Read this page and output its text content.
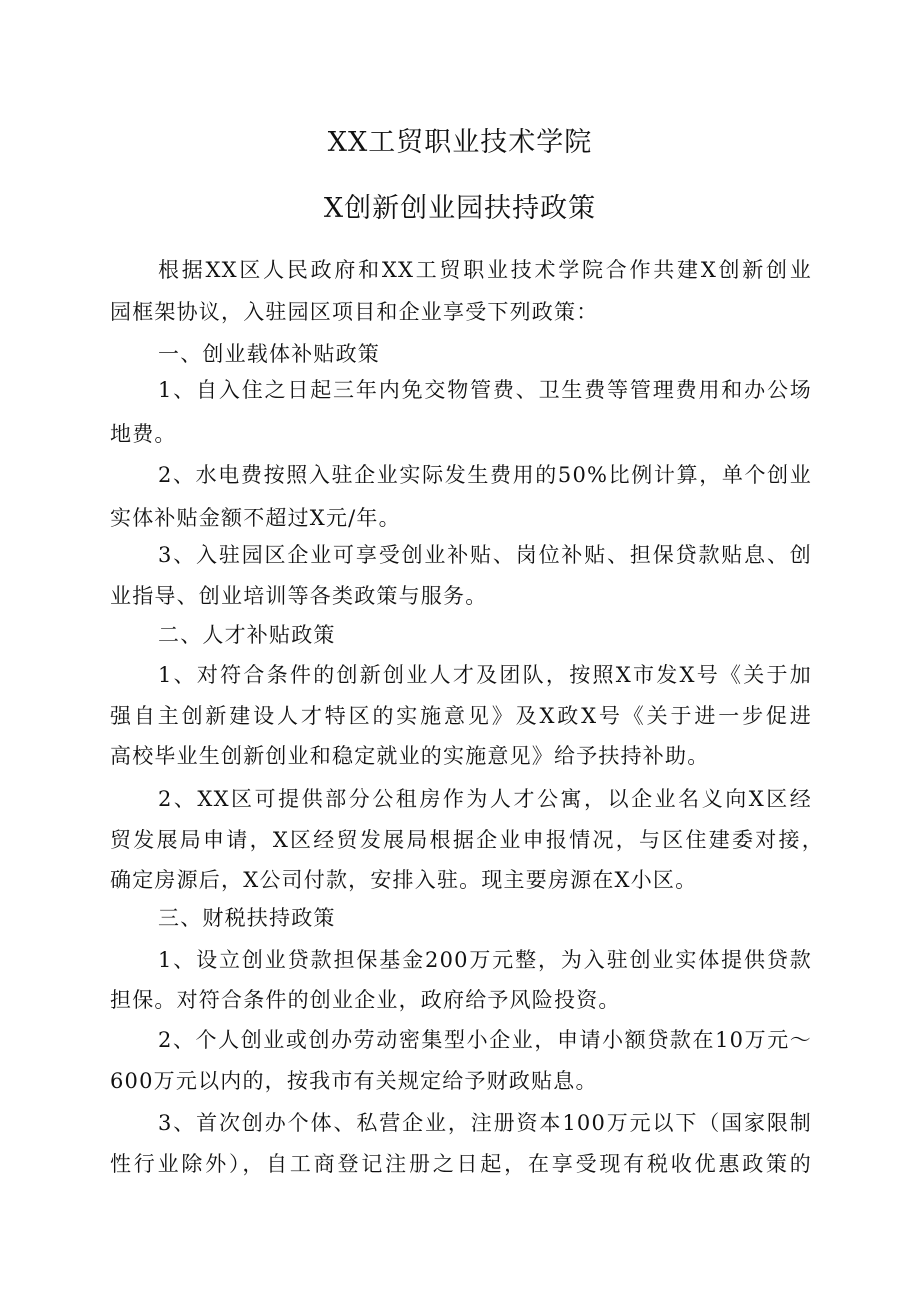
XX工贸职业技术学院
X创新创业园扶持政策
根据XX区人民政府和XX工贸职业技术学院合作共建X创新创业
园框架协议，入驻园区项目和企业享受下列政策：
一、创业载体补贴政策
1、自入住之日起三年内免交物管费、卫生费等管理费用和办公场
地费。
2、水电费按照入驻企业实际发生费用的50%比例计算，单个创业
实体补贴金额不超过X元/年。
3、入驻园区企业可享受创业补贴、岗位补贴、担保贷款贴息、创
业指导、创业培训等各类政策与服务。
二、人才补贴政策
1、对符合条件的创新创业人才及团队，按照X市发X号《关于加
强自主创新建设人才特区的实施意见》及X政X号《关于进一步促进
高校毕业生创新创业和稳定就业的实施意见》给予扶持补助。
2、XX区可提供部分公租房作为人才公寓，以企业名义向X区经
贸发展局申请，X区经贸发展局根据企业申报情况，与区住建委对接，
确定房源后，X公司付款，安排入驻。现主要房源在X小区。
三、财税扶持政策
1、设立创业贷款担保基金200万元整，为入驻创业实体提供贷款
担保。对符合条件的创业企业，政府给予风险投资。
2、个人创业或创办劳动密集型小企业，申请小额贷款在10万元～
600万元以内的，按我市有关规定给予财政贴息。
3、首次创办个体、私营企业，注册资本100万元以下（国家限制
性行业除外），自工商登记注册之日起，在享受现有税收优惠政策的
